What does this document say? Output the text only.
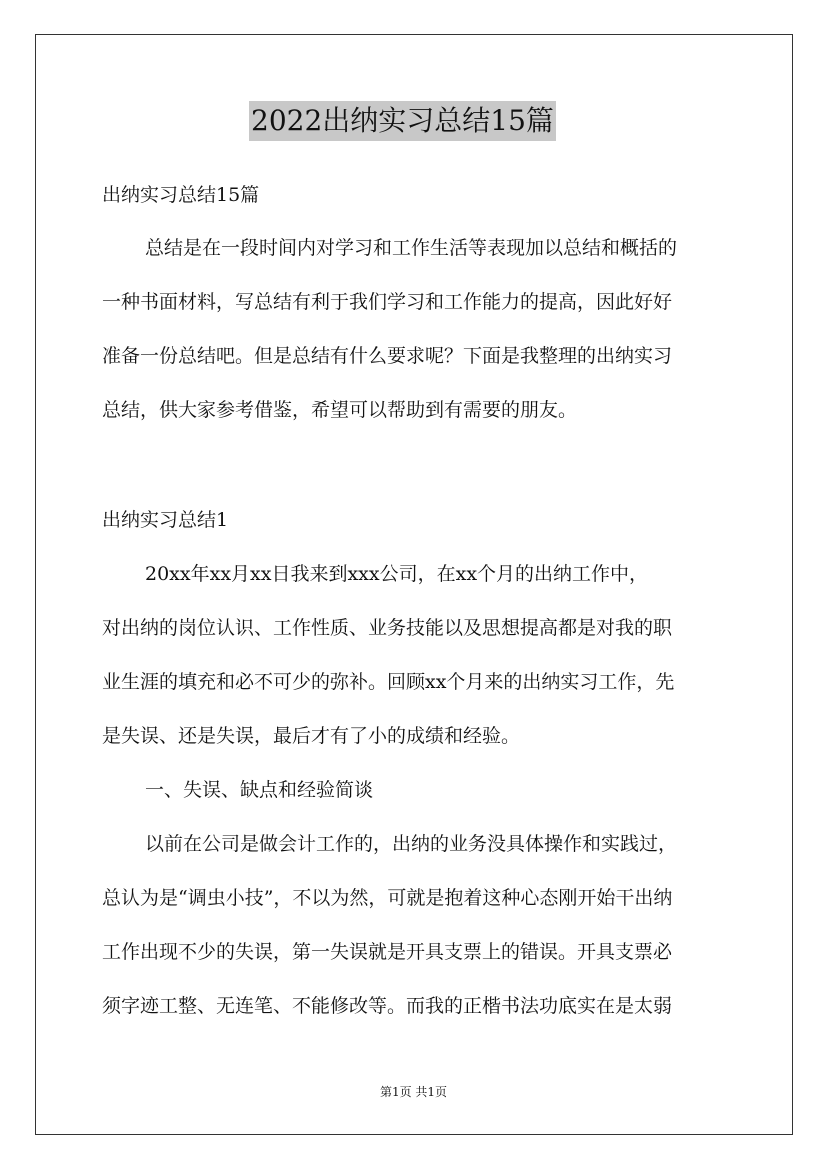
2022出纳实习总结15篇
出纳实习总结15篇
总结是在一段时间内对学习和工作生活等表现加以总结和概括的
一种书面材料，写总结有利于我们学习和工作能力的提高，因此好好
准备一份总结吧。但是总结有什么要求呢？下面是我整理的出纳实习
总结，供大家参考借鉴，希望可以帮助到有需要的朋友。
出纳实习总结1
20xx年xx月xx日我来到xxx公司，在xx个月的出纳工作中，
对出纳的岗位认识、工作性质、业务技能以及思想提高都是对我的职
业生涯的填充和必不可少的弥补。回顾xx个月来的出纳实习工作，先
是失误、还是失误，最后才有了小的成绩和经验。
一、失误、缺点和经验简谈
以前在公司是做会计工作的，出纳的业务没具体操作和实践过，
总认为是“调虫小技”，不以为然，可就是抱着这种心态刚开始干出纳
工作出现不少的失误，第一失误就是开具支票上的错误。开具支票必
须字迹工整、无连笔、不能修改等。而我的正楷书法功底实在是太弱
第1页 共1页
